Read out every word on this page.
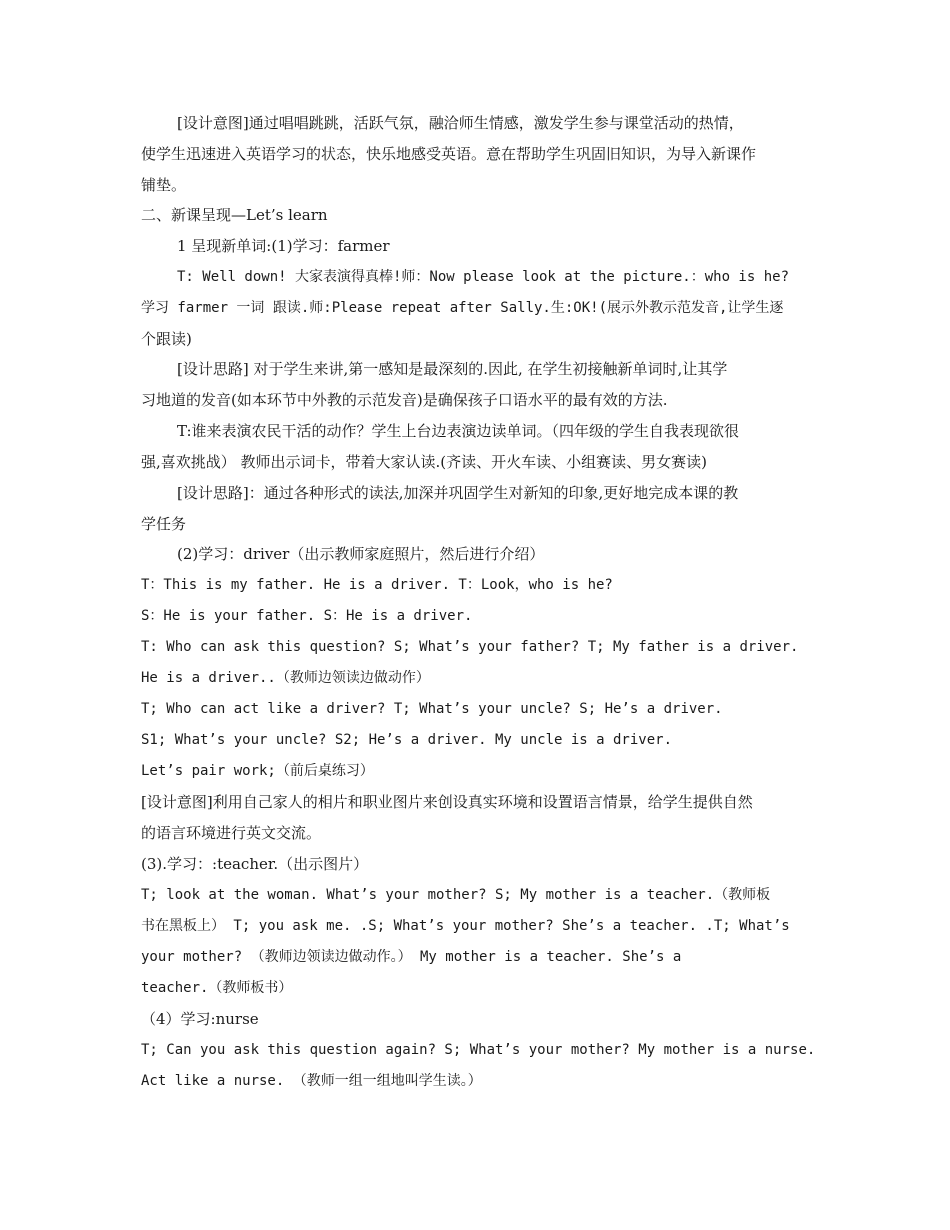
[设计意图]通过唱唱跳跳，活跃气氛，融洽师生情感，激发学生参与课堂活动的热情，
使学生迅速进入英语学习的状态，快乐地感受英语。意在帮助学生巩固旧知识，为导入新课作
铺垫。
二、新课呈现—Let’s learn
1 呈现新单词:(1)学习：farmer
T: Well down! 大家表演得真棒!师：Now please look at the picture.：who is he?
学习 farmer 一词 跟读.师:Please repeat after Sally.生:OK!(展示外教示范发音,让学生逐
个跟读)
[设计思路] 对于学生来讲,第一感知是最深刻的.因此, 在学生初接触新单词时,让其学
习地道的发音(如本环节中外教的示范发音)是确保孩子口语水平的最有效的方法.
T:谁来表演农民干活的动作？学生上台边表演边读单词。（四年级的学生自我表现欲很
强,喜欢挑战） 教师出示词卡，带着大家认读.(齐读、开火车读、小组赛读、男女赛读)
[设计思路]：通过各种形式的读法,加深并巩固学生对新知的印象,更好地完成本课的教
学任务
(2)学习：driver（出示教师家庭照片，然后进行介绍）
T：This is my father. He is a driver. T：Look，who is he?
S：He is your father. S：He is a driver.
T: Who can ask this question? S; What’s your father? T; My father is a driver.
He is a driver..（教师边领读边做动作）
T; Who can act like a driver? T; What’s your uncle? S; He’s a driver.
S1; What’s your uncle? S2; He’s a driver. My uncle is a driver.
Let’s pair work;（前后桌练习）
[设计意图]利用自己家人的相片和职业图片来创设真实环境和设置语言情景，给学生提供自然
的语言环境进行英文交流。
(3).学习：:teacher.（出示图片）
T; look at the woman. What’s your mother? S; My mother is a teacher.（教师板
书在黑板上） T; you ask me. .S; What’s your mother? She’s a teacher. .T; What’s
your mother? （教师边领读边做动作。） My mother is a teacher. She’s a
teacher.（教师板书）
（4）学习:nurse
T; Can you ask this question again? S; What’s your mother? My mother is a nurse.
Act like a nurse. （教师一组一组地叫学生读。）
